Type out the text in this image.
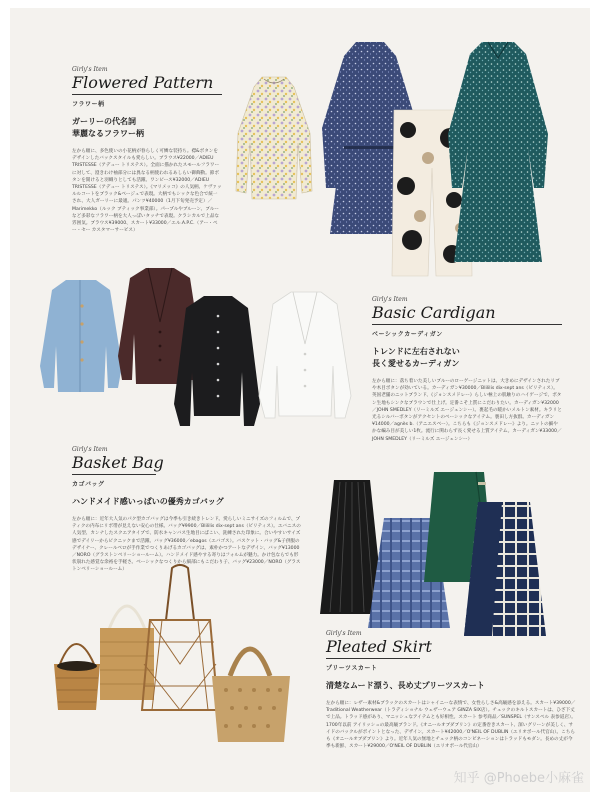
Girly's Item
Flowered Pattern
フラワー柄
ガーリーの代名詞
華麗なるフラワー柄
左から順に、多色使いの小花柄が春らしく可憐な装持ち。襟&ボタンをデザインしたバックスタイルも愛らしい。ブラウス¥22000／ADIEU TRISTESSE（アデュー トリステス）。全面に描かれたスモールフラワーに対して、澄きわけ袖部分には異なる柄使われるあしらい御飾動。節ボタンを開けると羽織りとしても活躍。ワンピース¥32000／ADIEU TRISTESSE（アデュー トリステス）。《マリメッコ》の人気柄、ケヴァッルルコートをブラック&ベージュで表現。大柄でもシックな色合で統一され、大人ガーリーに最適。パンツ¥40000（1月下旬発売予定）／Marimekko（ルック ブティック事業部）。パープルやブルーン、ブルーなど多彩なフラワー柄を大人っぽいタッチで表現。クラシカルで上品な雰囲気。ブラウス¥39000、スカート¥33000／エル.A.P.C.（アー・ペー・セー カスタマーサービス）
Girly's Item
Basic Cardigan
ベーシックカーディガン
トレンドに左右されない
長く愛せるカーディガン
左から順に：落ち着いた美しいブルーのローゲージニットは、大きめにデザインされたリブや木目ボタンが効いている。カーディガン¥30000／Blililis dix-sept ans（ビリティス）。英国老舗のニットブランド、《ジョンスメドレー》らしい極上の肌触りのハイゲージで、ボタン生地もシンクなブラウンで仕上げ。定番こそ上質にこだわりたい。カーディガン¥32000／JOHN SMEDLEY（リーミルズ エージェンシー）。裏起毛の暖かいメルトン素材。キラリと光るシルバーボタンがアクセントのベーシックなアイテム。裏田し方抜群。カーディガン¥14000／agnès b.（アニエスベー）。こちらも《ジョンスメドレー》より。ニットの細やかな編み目が美しい1枚。流行に関わらず長く愛せる上質アイテム。カーディガン¥33000／JOHN SMEDLEY（リーミルズ エージェンシー）
Girly's Item
Basket Bag
カゴバッグ
ハンドメイド感いっぱいの優秀カゴバッグ
左から順に：近年大人気のパク型カゴバッグは今季も引き続きトレンド。愛らしいミニサイズのフィルムで、プティクの内布にリボ帯が見えない安心の仕様。バッグ¥9900／Blililis dix-sept ans（ビリティス）。エバニスの人気型、カンナしたスクエアタイプで、防水キャンバス生地目にぱこい、洗練された印象に。合いやすいサイズ感でデイリーからピクニックまで活躍。バッグ¥36000／ebagos（エバゴス）。バスケット・バッグ&子供服のデザイナー、クレールベロが手作業でつくりあげるカゴバッグは、素朴かつアートなデザイン、バッグ¥13000／NORO（グラストンベリーショールーム）。ハンドメイド感やする寄りはフォルムが魅力。かけ包ならでも形状崩れた感覚な余裕を手軽さ。ベーシックなつくりから細部にもこだわり子、バッグ¥23000／NORO（グラストンベリーショールーム）
Girly's Item
Pleated Skirt
プリーツスカート
清楚なムード漂う、長め丈プリーツスカート
左から順に：レザー素材&ブラックのスカートはシャイニーな表情で、女性らしさ&高級感を添える。スカート¥39000／Traditional Weatherwear（トラディショナル ウェザーウェア GINZA SIX店）。チェックのキルトスカートは、ひざ下丈で上品。トラッド感があり、マニッシュなアイテムとも好相性。スカート 参考商品／SUNSPEL（サンスペル 表参道店）。1700年以前 アイリッシュの最高級ブランド。《オニールオブダブリン》の定番巻きスカート、深いグリーンが美しく、サイドのバックルがポイントとなった、デザイン。スカート¥42000／O'NEIL OF DUBLIN（エリオポール代官山）。こちらも《オニールオブダブリン》より。近年人気の無地とチェック柄のコンビネーションはトラッドもモダン。長めの丈が今季も新鮮、スカート¥29000／O'NEIL OF DUBLIN（エリオポール代官山）
知乎 @Phoebe小麻雀
